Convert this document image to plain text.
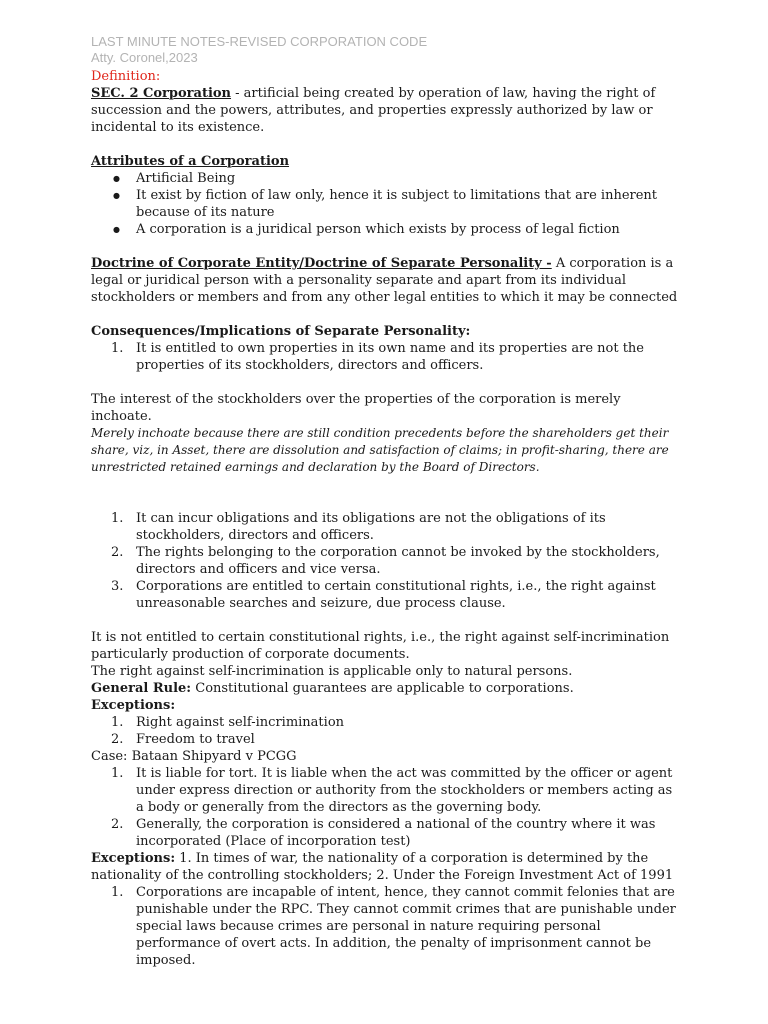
LAST MINUTE NOTES-REVISED CORPORATION CODE
Atty. Coronel,2023

Definition:

SEC. 2 Corporation - artificial being created by operation of law, having the right of succession and the powers, attributes, and properties expressly authorized by law or incidental to its existence.

Attributes of a Corporation

● Artificial Being
● It exist by fiction of law only, hence it is subject to limitations that are inherent because of its nature
● A corporation is a juridical person which exists by process of legal fiction

Doctrine of Corporate Entity/Doctrine of Separate Personality - A corporation is a legal or juridical person with a personality separate and apart from its individual stockholders or members and from any other legal entities to which it may be connected

Consequences/Implications of Separate Personality:

1. It is entitled to own properties in its own name and its properties are not the properties of its stockholders, directors and officers.

The interest of the stockholders over the properties of the corporation is merely inchoate.

Merely inchoate because there are still condition precedents before the shareholders get their share, viz, in Asset, there are dissolution and satisfaction of claims; in profit-sharing, there are unrestricted retained earnings and declaration by the Board of Directors.

1. It can incur obligations and its obligations are not the obligations of its stockholders, directors and officers.
2. The rights belonging to the corporation cannot be invoked by the stockholders, directors and officers and vice versa.
3. Corporations are entitled to certain constitutional rights, i.e., the right against unreasonable searches and seizure, due process clause.

It is not entitled to certain constitutional rights, i.e., the right against self-incrimination particularly production of corporate documents.

The right against self-incrimination is applicable only to natural persons.

General Rule: Constitutional guarantees are applicable to corporations.

Exceptions:

1. Right against self-incrimination
2. Freedom to travel

Case: Bataan Shipyard v PCGG

1. It is liable for tort. It is liable when the act was committed by the officer or agent under express direction or authority from the stockholders or members acting as a body or generally from the directors as the governing body.
2. Generally, the corporation is considered a national of the country where it was incorporated (Place of incorporation test)

Exceptions: 1. In times of war, the nationality of a corporation is determined by the nationality of the controlling stockholders; 2. Under the Foreign Investment Act of 1991

1. Corporations are incapable of intent, hence, they cannot commit felonies that are punishable under the RPC. They cannot commit crimes that are punishable under special laws because crimes are personal in nature requiring personal performance of overt acts. In addition, the penalty of imprisonment cannot be imposed.
